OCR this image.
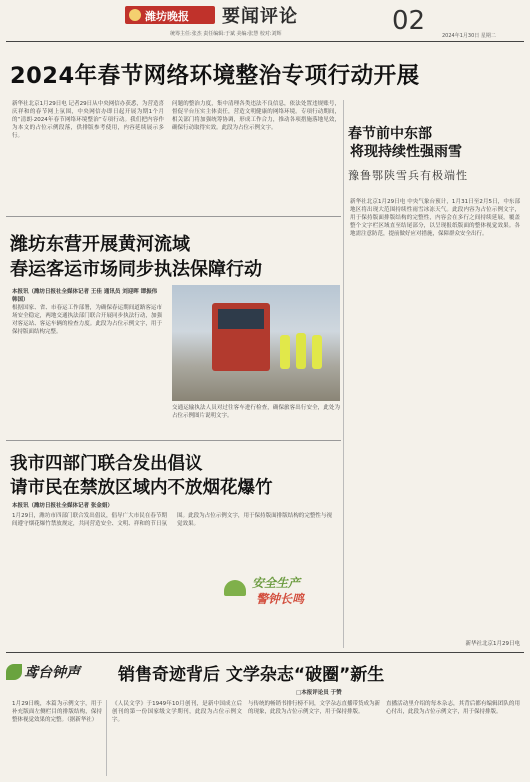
潍坊晚报 要闻评论
统筹主任:张杰 责任编辑:于斌 美编:张慧 校对:刘辉	02	2024年1月30日 星期二
2024年春节网络环境整治专项行动开展
新华社北京1月29日电 记者29日从中央网信办获悉，为营造喜庆祥和的春节网上氛围，中央网信办即日起开展为期1个月的“清朗·2024年春节网络环境整治”专项行动。我们把内容作为本文的占位示例段落，供排版参考使用，内容延续展示多行。
问题的整治力度，集中清理各类违法不良信息，依法处置违规账号，督促平台压实主体责任，营造文明健康的网络环境。专项行动期间，相关部门将加强统筹协调，形成工作合力，推动各项措施落地见效，确保行动取得实效。此段为占位示例文字。	春节前中东部
将现持续性强雨雪
豫鲁鄂陕雪兵有极端性
新华社北京1月29日电 中央气象台预计，1月31日至2月5日，中东部地区将出现大范围持续性雨雪冰冻天气。此段内容为占位示例文字，用于保持版面排版结构的完整性，内容会在多行之间持续延展，覆盖整个文字栏区域直至结尾部分，以呈现报纸版面的整体视觉效果。各地需注意防范，提前做好应对措施，保障群众安全出行。
新华社北京1月29日电
潍坊东营开展黄河流域
春运客运市场同步执法保障行动
本报讯（潍坊日报社全媒体记者 王佳 通讯员 刘迎晖 谭振伟 韩国）
根据国家、省、市春运工作部署，为确保春运期间道路客运市场安全稳定，两地交通执法部门联合开展同步执法行动，加强对客运站、客运车辆的检查力度。此段为占位示例文字，用于保持版面结构完整。
交通运输执法人员对过往客车进行检查，确保旅客出行安全，此处为占位示例图片说明文字。
我市四部门联合发出倡议
请市民在禁放区域内不放烟花爆竹
本报讯（潍坊日报社全媒体记者 张金娟）
1月29日，潍坊市四部门联合发出倡议，倡导广大市民在春节期间遵守烟花爆竹禁放规定，共同营造安全、文明、祥和的节日氛围。此段为占位示例文字，用于保持版面排版结构的完整性与视觉效果。
安全生产
警钟长鸣
鸢台钟声 销售奇迹背后 文学杂志“破圈”新生
□本报评论员 于赞
1月29日晚，本篇为示例文字，用于补充版面左侧栏目的排版结构，保持整体视觉效果的完整。（据新华社）
《人民文学》于1949年10月创刊，是新中国成立后创刊的第一份国家级文学期刊，此段为占位示例文字。
与传统的畅销书排行榜不同，文学杂志直播带货成为新的现象，此段为占位示例文字，用于保持排版。
直播活动里介绍的每本杂志，其背后都有编辑团队的用心付出，此段为占位示例文字，用于保持排版。
